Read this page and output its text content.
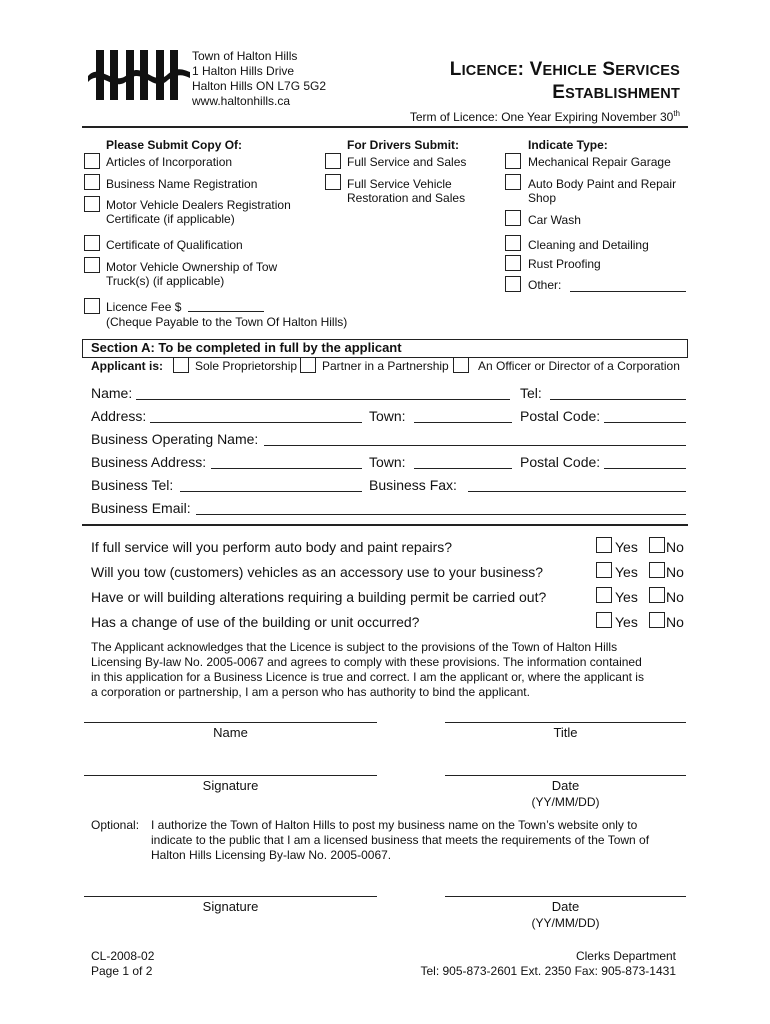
Town of Halton Hills
1 Halton Hills Drive
Halton Hills ON L7G 5G2
www.haltonhills.ca
LICENCE: VEHICLE SERVICES
ESTABLISHMENT
Term of Licence: One Year Expiring November 30th
Please Submit Copy Of:
Articles of Incorporation
Business Name Registration
Motor Vehicle Dealers Registration
Certificate (if applicable)
Certificate of Qualification
Motor Vehicle Ownership of Tow
Truck(s) (if applicable)
Licence Fee $
(Cheque Payable to the Town Of Halton Hills)
For Drivers Submit:
Full Service and Sales
Full Service Vehicle
Restoration and Sales
Indicate Type:
Mechanical Repair Garage
Auto Body Paint and Repair
Shop
Car Wash
Cleaning and Detailing
Rust Proofing
Other:
Section A: To be completed in full by the applicant
Applicant is:	Sole Proprietorship Partner in a Partnership An Officer or Director of a Corporation
Name:	Tel:
Address:	Town:	Postal Code:
Business Operating Name:
Business Address:	Town:	Postal Code:
Business Tel:	Business Fax:
Business Email:
If full service will you perform auto body and paint repairs?	Yes No
Will you tow (customers) vehicles as an accessory use to your business?	Yes No
Have or will building alterations requiring a building permit be carried out?	Yes No
Has a change of use of the building or unit occurred?	Yes No
The Applicant acknowledges that the Licence is subject to the provisions of the Town of Halton Hills
Licensing By-law No. 2005-0067 and agrees to comply with these provisions. The information contained
in this application for a Business Licence is true and correct. I am the applicant or, where the applicant is
a corporation or partnership, I am a person who has authority to bind the applicant.
Name	Title
Signature	Date
(YY/MM/DD)
Optional: I authorize the Town of Halton Hills to post my business name on the Town’s website only to
indicate to the public that I am a licensed business that meets the requirements of the Town of
Halton Hills Licensing By-law No. 2005-0067.
Signature	Date
(YY/MM/DD)
CL-2008-02
Page 1 of 2
Clerks Department
Tel: 905-873-2601 Ext. 2350 Fax: 905-873-1431
